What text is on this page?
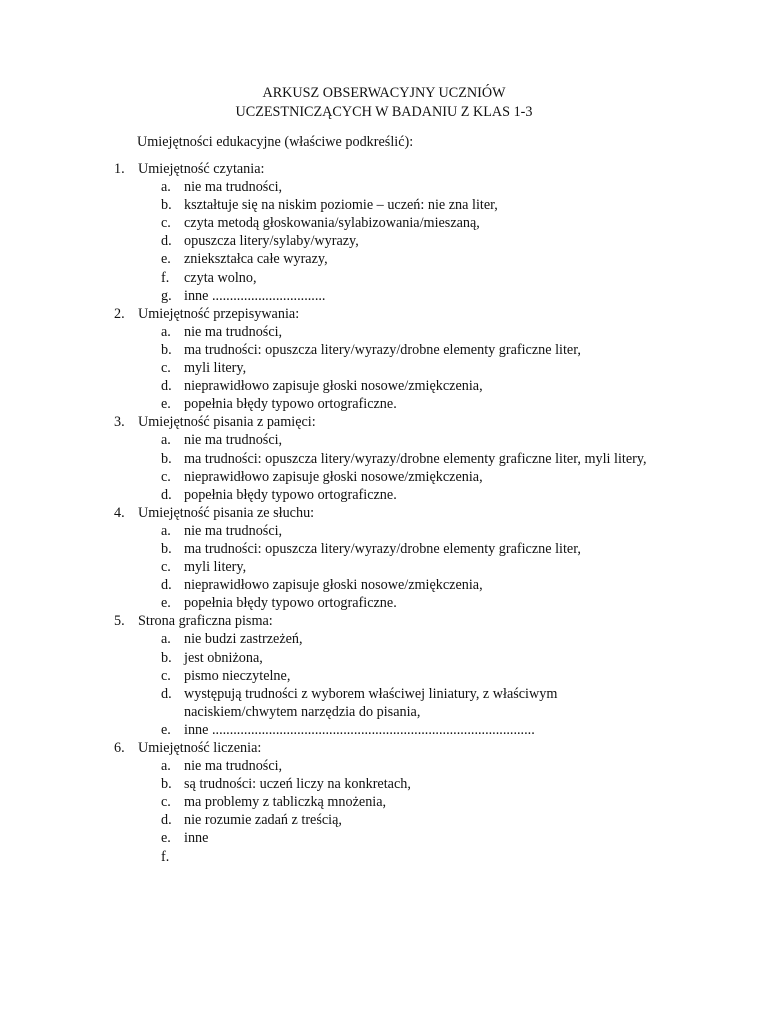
ARKUSZ OBSERWACYJNY UCZNIÓW
UCZESTNICZĄCYCH W BADANIU Z KLAS 1-3
Umiejętności edukacyjne (właściwe podkreślić):
1. Umiejętność czytania:
a. nie ma trudności,
b. kształtuje się na niskim poziomie – uczeń: nie zna liter,
c. czyta metodą głoskowania/sylabizowania/mieszaną,
d. opuszcza litery/sylaby/wyrazy,
e. zniekształca całe wyrazy,
f. czyta wolno,
g. inne ................................
2. Umiejętność przepisywania:
a. nie ma trudności,
b. ma trudności: opuszcza litery/wyrazy/drobne elementy graficzne liter,
c. myli litery,
d. nieprawidłowo zapisuje głoski nosowe/zmiękczenia,
e. popełnia błędy typowo ortograficzne.
3. Umiejętność pisania z pamięci:
a. nie ma trudności,
b. ma trudności: opuszcza litery/wyrazy/drobne elementy graficzne liter, myli litery,
c. nieprawidłowo zapisuje głoski nosowe/zmiękczenia,
d. popełnia błędy typowo ortograficzne.
4. Umiejętność pisania ze słuchu:
a. nie ma trudności,
b. ma trudności: opuszcza litery/wyrazy/drobne elementy graficzne liter,
c. myli litery,
d. nieprawidłowo zapisuje głoski nosowe/zmiękczenia,
e. popełnia błędy typowo ortograficzne.
5. Strona graficzna pisma:
a. nie budzi zastrzeżeń,
b. jest obniżona,
c. pismo nieczytelne,
d. występują trudności z wyborem właściwej liniatury, z właściwym naciskiem/chwytem narzędzia do pisania,
e. inne ...........................................................................................
6. Umiejętność liczenia:
a. nie ma trudności,
b. są trudności: uczeń liczy na konkretach,
c. ma problemy z tabliczką mnożenia,
d. nie rozumie zadań z treścią,
e. inne
f.
